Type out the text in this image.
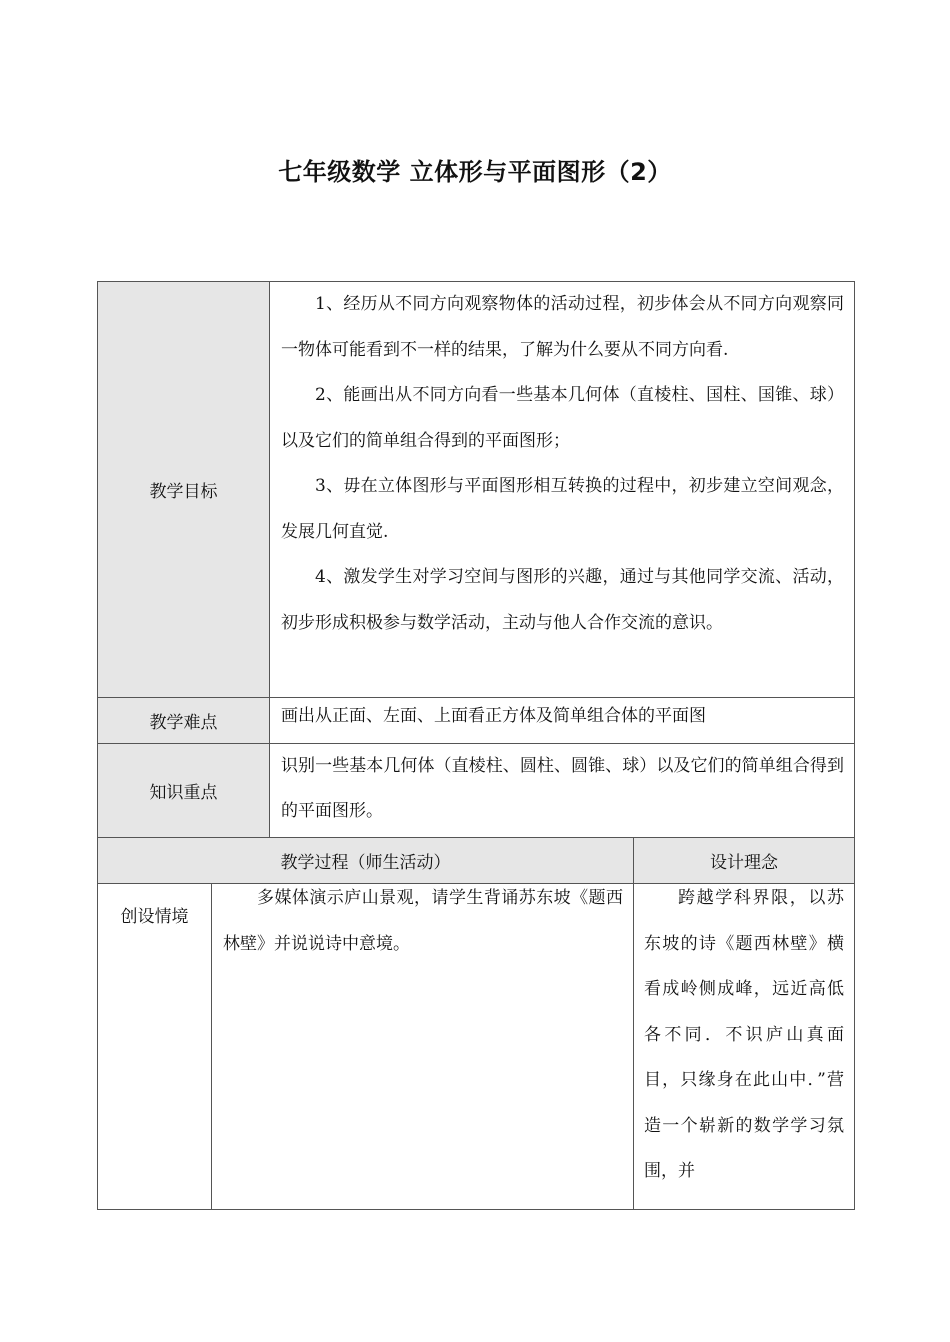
七年级数学 立体形与平面图形（2）
教学目标

1、经历从不同方向观察物体的活动过程，初步体会从不同方向观察同一物体可能看到不一样的结果，了解为什么要从不同方向看.

2、能画出从不同方向看一些基本几何体（直棱柱、国柱、国锥、球）以及它们的简单组合得到的平面图形；

3、毋在立体图形与平面图形相互转换的过程中，初步建立空间观念，发展几何直觉.

4、激发学生对学习空间与图形的兴趣，通过与其他同学交流、活动，初步形成积极参与数学活动，主动与他人合作交流的意识。

教学难点	画出从正面、左面、上面看正方体及简单组合体的平面图

知识重点

识别一些基本几何体（直棱柱、圆柱、圆锥、球）以及它们的简单组合得到的平面图形。

教学过程（师生活动）	设计理念
创设情境

多媒体演示庐山景观，请学生背诵苏东坡《题西林壁》并说说诗中意境。

跨越学科界限，以苏东坡的诗《题西林壁》横看成岭侧成峰，远近高低各不同．不识庐山真面目，只缘身在此山中．”营造一个崭新的数学学习氛围，并
